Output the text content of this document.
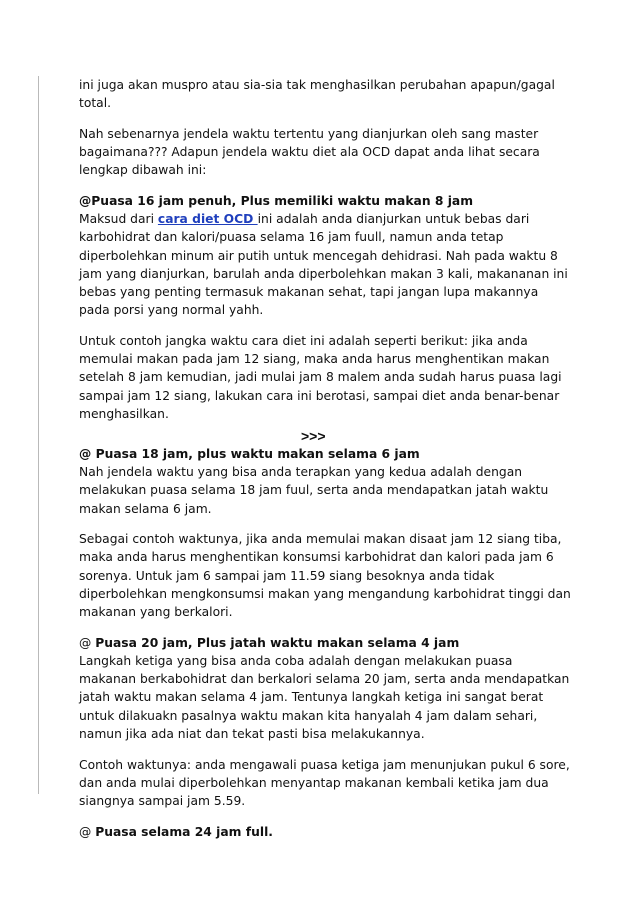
ini juga akan muspro atau sia-sia tak menghasilkan perubahan apapun/gagal total.

Nah sebenarnya jendela waktu tertentu yang dianjurkan oleh sang master bagaimana??? Adapun jendela waktu diet ala OCD dapat anda lihat secara lengkap dibawah ini:

@Puasa 16 jam penuh, Plus memiliki waktu makan 8 jam

Maksud dari cara diet OCD ini adalah anda dianjurkan untuk bebas dari karbohidrat dan kalori/puasa selama 16 jam fuull, namun anda tetap diperbolehkan minum air putih untuk mencegah dehidrasi. Nah pada waktu 8 jam yang dianjurkan, barulah anda diperbolehkan makan 3 kali, makananan ini bebas yang penting termasuk makanan sehat, tapi jangan lupa makannya pada porsi yang normal yahh.

Untuk contoh jangka waktu cara diet ini adalah seperti berikut: jika anda memulai makan pada jam 12 siang, maka anda harus menghentikan makan setelah 8 jam kemudian, jadi mulai jam 8 malem anda sudah harus puasa lagi sampai jam 12 siang, lakukan cara ini berotasi, sampai diet anda benar-benar menghasilkan.

>>>

@ Puasa 18 jam, plus waktu makan selama 6 jam

Nah jendela waktu yang bisa anda terapkan yang kedua adalah dengan melakukan puasa selama 18 jam fuul, serta anda mendapatkan jatah waktu makan selama 6 jam.

Sebagai contoh waktunya, jika anda memulai makan disaat jam 12 siang tiba, maka anda harus menghentikan konsumsi karbohidrat dan kalori pada jam 6 sorenya. Untuk jam 6 sampai jam 11.59 siang besoknya anda tidak diperbolehkan mengkonsumsi makan yang mengandung karbohidrat tinggi dan makanan yang berkalori.

@ Puasa 20 jam, Plus jatah waktu makan selama 4 jam

Langkah ketiga yang bisa anda coba adalah dengan melakukan puasa makanan berkabohidrat dan berkalori selama 20 jam, serta anda mendapatkan jatah waktu makan selama 4 jam. Tentunya langkah ketiga ini sangat berat untuk dilakuakn pasalnya waktu makan kita hanyalah 4 jam dalam sehari, namun jika ada niat dan tekat pasti bisa melakukannya.

Contoh waktunya: anda mengawali puasa ketiga jam menunjukan pukul 6 sore, dan anda mulai diperbolehkan menyantap makanan kembali ketika jam dua siangnya sampai jam 5.59.

@ Puasa selama 24 jam full.
